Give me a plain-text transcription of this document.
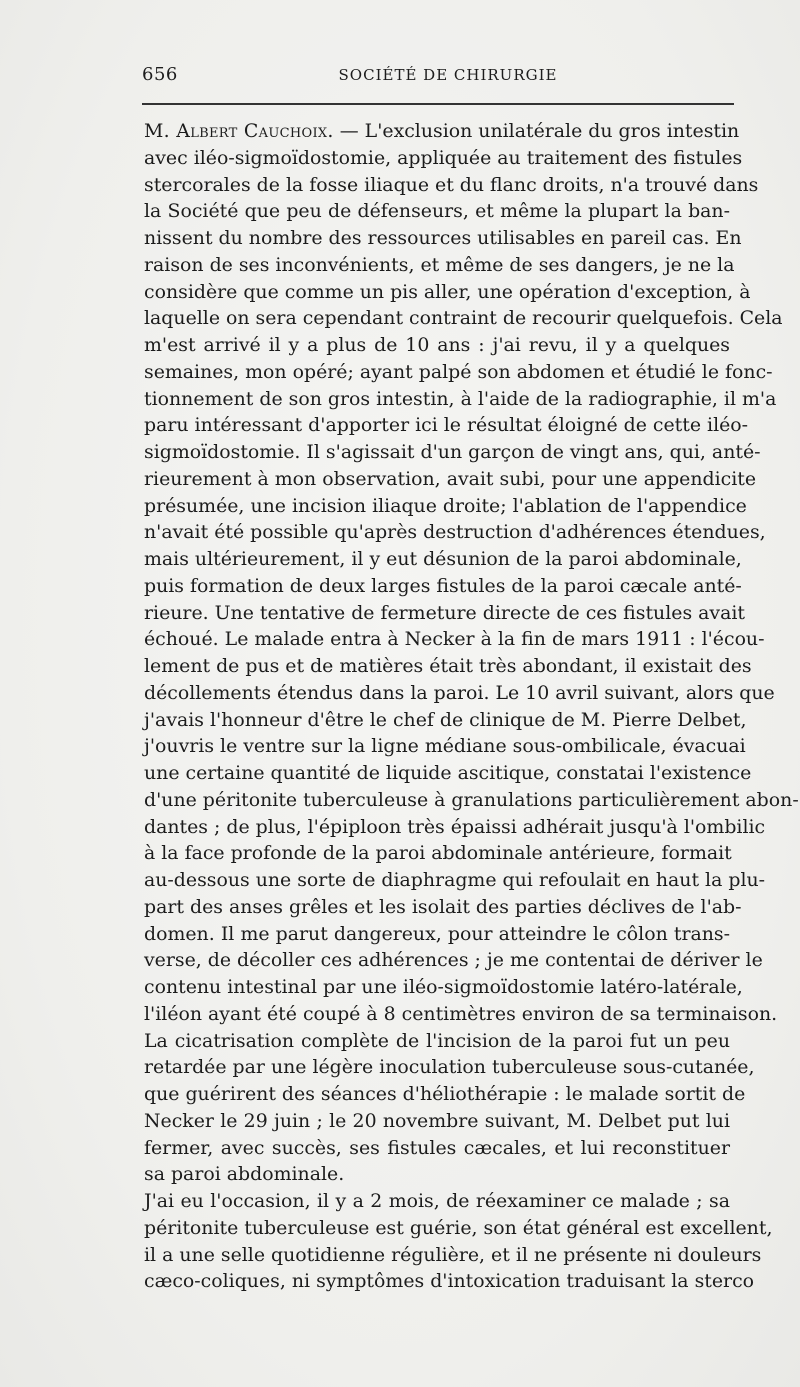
656	SOCIÉTÉ DE CHIRURGIE

M. Albert Cauchoix. — L'exclusion unilatérale du gros intestin
avec iléo-sigmoïdostomie, appliquée au traitement des fistules
stercorales de la fosse iliaque et du flanc droits, n'a trouvé dans
la Société que peu de défenseurs, et même la plupart la ban-
nissent du nombre des ressources utilisables en pareil cas. En
raison de ses inconvénients, et même de ses dangers, je ne la
considère que comme un pis aller, une opération d'exception, à
laquelle on sera cependant contraint de recourir quelquefois. Cela
m'est arrivé il y a plus de 10 ans : j'ai revu, il y a quelques
semaines, mon opéré; ayant palpé son abdomen et étudié le fonc-
tionnement de son gros intestin, à l'aide de la radiographie, il m'a
paru intéressant d'apporter ici le résultat éloigné de cette iléo-
sigmoïdostomie. Il s'agissait d'un garçon de vingt ans, qui, anté-
rieurement à mon observation, avait subi, pour une appendicite
présumée, une incision iliaque droite; l'ablation de l'appendice
n'avait été possible qu'après destruction d'adhérences étendues,
mais ultérieurement, il y eut désunion de la paroi abdominale,
puis formation de deux larges fistules de la paroi cæcale anté-
rieure. Une tentative de fermeture directe de ces fistules avait
échoué. Le malade entra à Necker à la fin de mars 1911 : l'écou-
lement de pus et de matières était très abondant, il existait des
décollements étendus dans la paroi. Le 10 avril suivant, alors que
j'avais l'honneur d'être le chef de clinique de M. Pierre Delbet,
j'ouvris le ventre sur la ligne médiane sous-ombilicale, évacuai
une certaine quantité de liquide ascitique, constatai l'existence
d'une péritonite tuberculeuse à granulations particulièrement abon-
dantes ; de plus, l'épiploon très épaissi adhérait jusqu'à l'ombilic
à la face profonde de la paroi abdominale antérieure, formait
au-dessous une sorte de diaphragme qui refoulait en haut la plu-
part des anses grêles et les isolait des parties déclives de l'ab-
domen. Il me parut dangereux, pour atteindre le côlon trans-
verse, de décoller ces adhérences ; je me contentai de dériver le
contenu intestinal par une iléo-sigmoïdostomie latéro-latérale,
l'iléon ayant été coupé à 8 centimètres environ de sa terminaison.
La cicatrisation complète de l'incision de la paroi fut un peu
retardée par une légère inoculation tuberculeuse sous-cutanée,
que guérirent des séances d'héliothérapie : le malade sortit de
Necker le 29 juin ; le 20 novembre suivant, M. Delbet put lui
fermer, avec succès, ses fistules cæcales, et lui reconstituer
sa paroi abdominale.

J'ai eu l'occasion, il y a 2 mois, de réexaminer ce malade ; sa
péritonite tuberculeuse est guérie, son état général est excellent,
il a une selle quotidienne régulière, et il ne présente ni douleurs
cæco-coliques, ni symptômes d'intoxication traduisant la sterco
